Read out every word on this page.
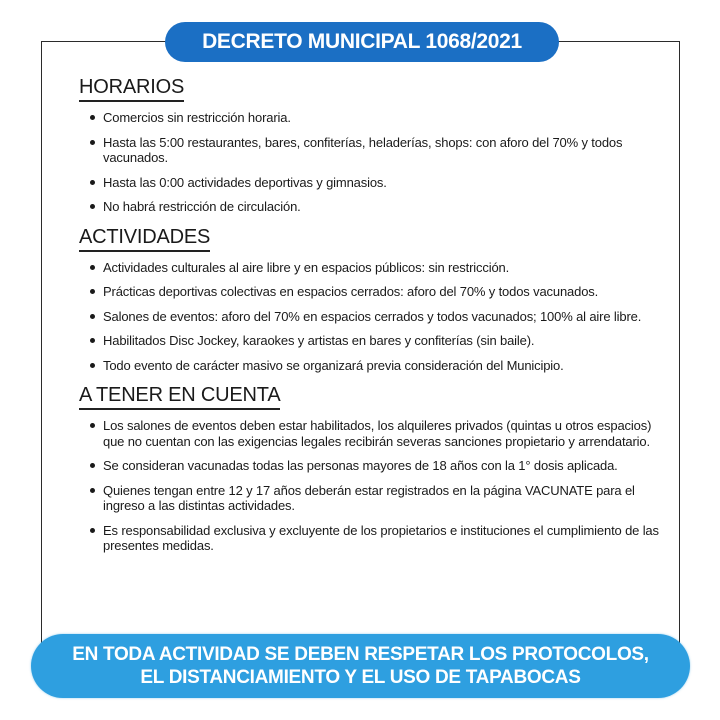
DECRETO MUNICIPAL 1068/2021
HORARIOS
Comercios sin restricción horaria.
Hasta las 5:00 restaurantes, bares, confiterías, heladerías, shops: con aforo del 70% y todos vacunados.
Hasta las 0:00 actividades deportivas y gimnasios.
No habrá restricción de circulación.
ACTIVIDADES
Actividades culturales al aire libre y en espacios públicos: sin restricción.
Prácticas deportivas colectivas en espacios cerrados: aforo del 70% y todos vacunados.
Salones de eventos: aforo del 70% en espacios cerrados y todos vacunados; 100% al aire libre.
Habilitados Disc Jockey, karaokes y artistas en bares y confiterías (sin baile).
Todo evento de carácter masivo se organizará previa consideración del Municipio.
A TENER EN CUENTA
Los salones de eventos deben estar habilitados, los alquileres privados (quintas u otros espacios) que no cuentan con las exigencias legales recibirán severas sanciones propietario y arrendatario.
Se consideran vacunadas todas las personas mayores de 18 años con la 1° dosis aplicada.
Quienes tengan entre 12 y 17 años deberán estar registrados en la página VACUNATE para el ingreso a las distintas actividades.
Es responsabilidad exclusiva y excluyente de los propietarios e instituciones el cumplimiento de las presentes medidas.
EN TODA ACTIVIDAD SE DEBEN RESPETAR LOS PROTOCOLOS,
EL DISTANCIAMIENTO Y EL USO DE TAPABOCAS
